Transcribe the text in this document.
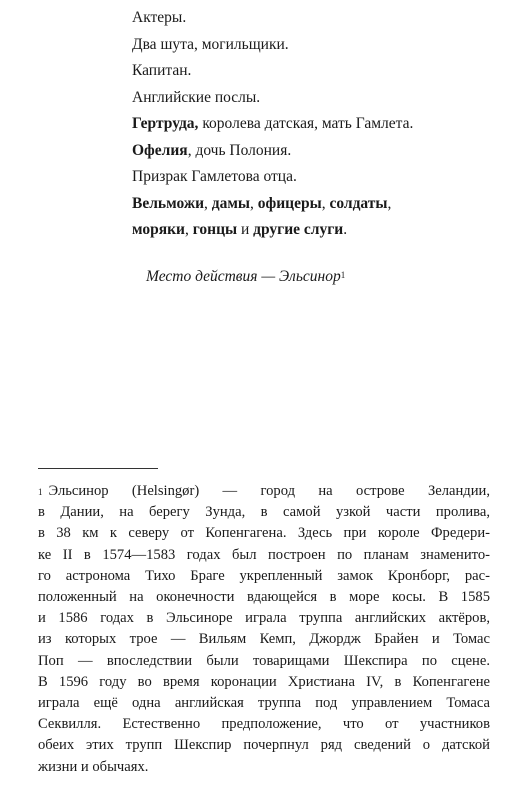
Актеры.
Два шута, могильщики.
Капитан.
Английские послы.
Гертруда, королева датская, мать Гамлета.
Офелия, дочь Полония.
Призрак Гамлетова отца.
Вельможи, дамы, офицеры, солдаты,
моряки, гонцы и другие слуги.
Место действия — Эльсинор$^1$
$^1$ Эльсинор (Helsingør) — город на острове Зеландии,
в Дании, на берегу Зунда, в самой узкой части пролива,
в 38 км к северу от Копенгагена. Здесь при короле Фредери-
ке II в 1574—1583 годах был построен по планам знаменито-
го астронома Тихо Браге укрепленный замок Кронборг, рас-
положенный на оконечности вдающейся в море косы. В 1585
и 1586 годах в Эльсиноре играла труппа английских актёров,
из которых трое — Вильям Кемп, Джордж Брайен и Томас
Поп — впоследствии были товарищами Шекспира по сцене.
В 1596 году во время коронации Христиана IV, в Копенгагене
играла ещё одна английская труппа под управлением Томаса
Секвилля. Естественно предположение, что от участников
обеих этих трупп Шекспир почерпнул ряд сведений о датской
жизни и обычаях.
